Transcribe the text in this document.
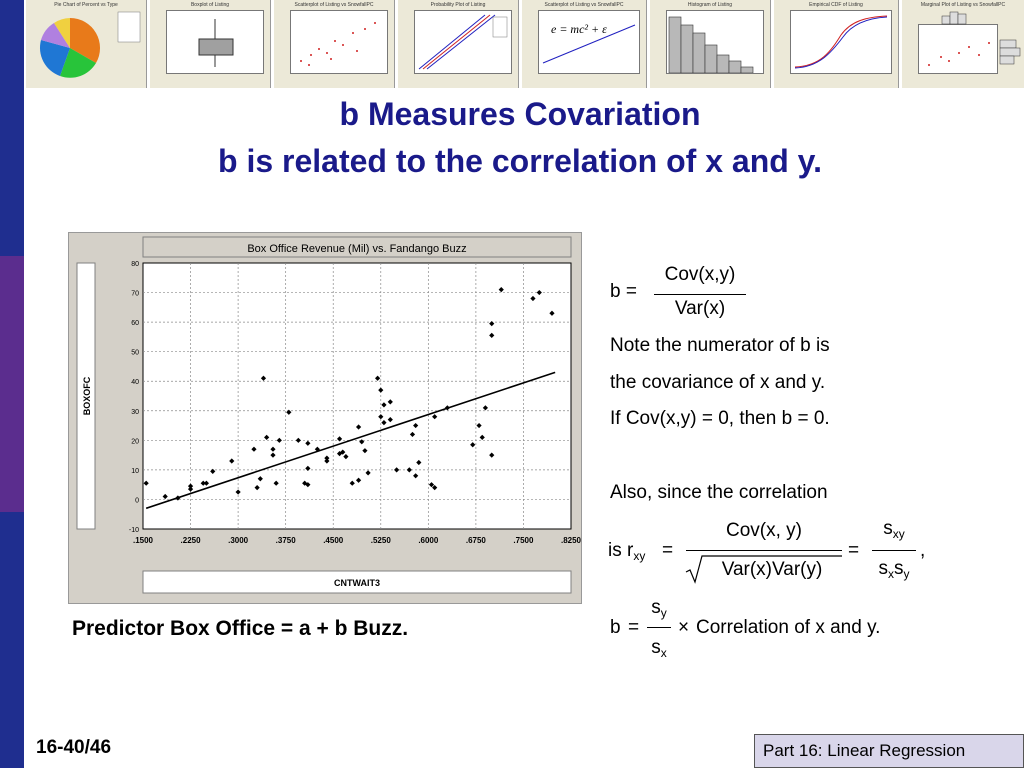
Pie Chart of Percent vs Type	Boxplot of Listing	Scatterplot of Listing vs SnowfallPC	Probability Plot of Listing	Scatterplot of Listing vs SnowfallPC
e = mc² + ε
Histogram of Listing	Empirical CDF of Listing	Marginal Plot of Listing vs SnowfallPC
b Measures Covariation
b is related to the correlation of x and y.
Box Office Revenue (Mil) vs. Fandango Buzz
BOXOFC
CNTWAIT3
.1500	.2250	.3000	.3750	.4500	.5250	.6000	.6750	.7500	.8250
80
70
60
50
40
30
20
10
0
-10
Predictor Box Office = a + b Buzz.
b =
Cov(x,y)
Var(x)
Note the numerator of b is
the covariance of x and y.
If Cov(x,y) = 0, then b = 0.
Also, since the correlation
is $r_{xy}$ =
Cov(x, y)
Var(x)Var(y)
=
$s_{xy}$
$s_xs_y$
,
b =
$s_y$
$s_x$
× Correlation of x and y.
16-40/46	Part 16: Linear Regression
